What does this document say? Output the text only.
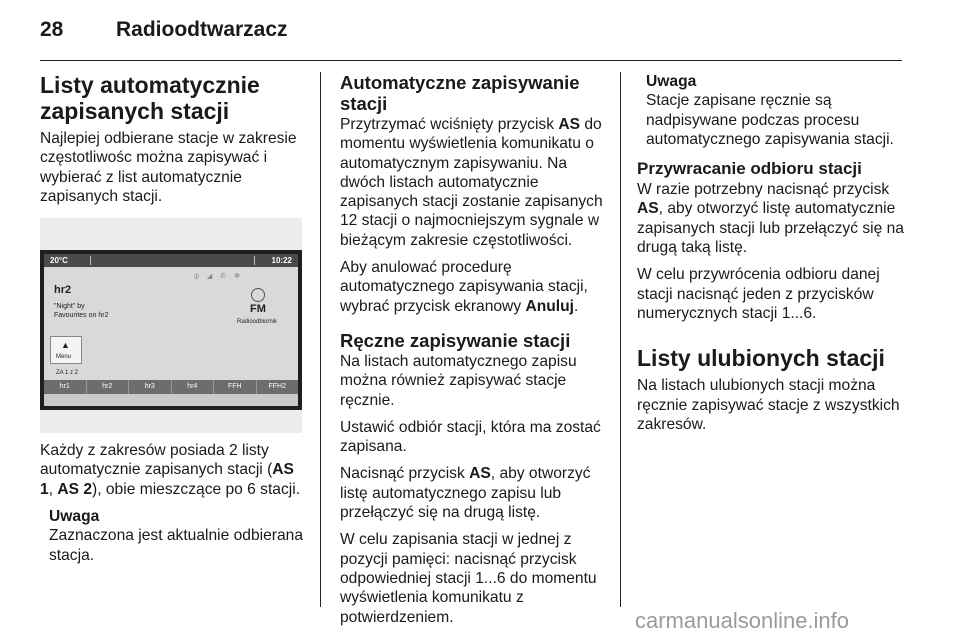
28	Radioodtwarzacz
Listy automatycznie zapisanych stacji

Najlepiej odbierane stacje w zakresie częstotliwośc można zapisywać i wybierać z list automatycznie zapisanych stacji.

20°C	10:22
ψ ◢ ✆ ✻
hr2
"Night" by
Favourites on hr2
FM
Radioodbiornik
▲
Menu
ZA 1 z 2
hr1	hr2	hr3	hr4	FFH	FFH2

Każdy z zakresów posiada 2 listy automatycznie zapisanych stacji (AS 1, AS 2), obie mieszczące po 6 stacji.

Uwaga
Zaznaczona jest aktualnie odbierana stacja.
Automatyczne zapisywanie stacji

Przytrzymać wciśnięty przycisk AS do momentu wyświetlenia komunikatu o automatycznym zapisywaniu. Na dwóch listach automatycznie zapisanych stacji zostanie zapisanych 12 stacji o najmocniejszym sygnale w bieżącym zakresie częstotliwości.

Aby anulować procedurę automatycznego zapisywania stacji, wybrać przycisk ekranowy Anuluj.

Ręczne zapisywanie stacji

Na listach automatycznego zapisu można również zapisywać stacje ręcznie.

Ustawić odbiór stacji, która ma zostać zapisana.

Nacisnąć przycisk AS, aby otworzyć listę automatycznego zapisu lub przełączyć się na drugą listę.

W celu zapisania stacji w jednej z pozycji pamięci: nacisnąć przycisk odpowiedniej stacji 1...6 do momentu wyświetlenia komunikatu z potwierdzeniem.

Uwaga
Stacje zapisane ręcznie są nadpisywane podczas procesu automatycznego zapisywania stacji.
Przywracanie odbioru stacji

W razie potrzebny nacisnąć przycisk AS, aby otworzyć listę automatycznie zapisanych stacji lub przełączyć się na drugą taką listę.

W celu przywrócenia odbioru danej stacji nacisnąć jeden z przycisków numerycznych stacji 1...6.

Listy ulubionych stacji

Na listach ulubionych stacji można ręcznie zapisywać stacje z wszystkich zakresów.

carmanualsonline.info
